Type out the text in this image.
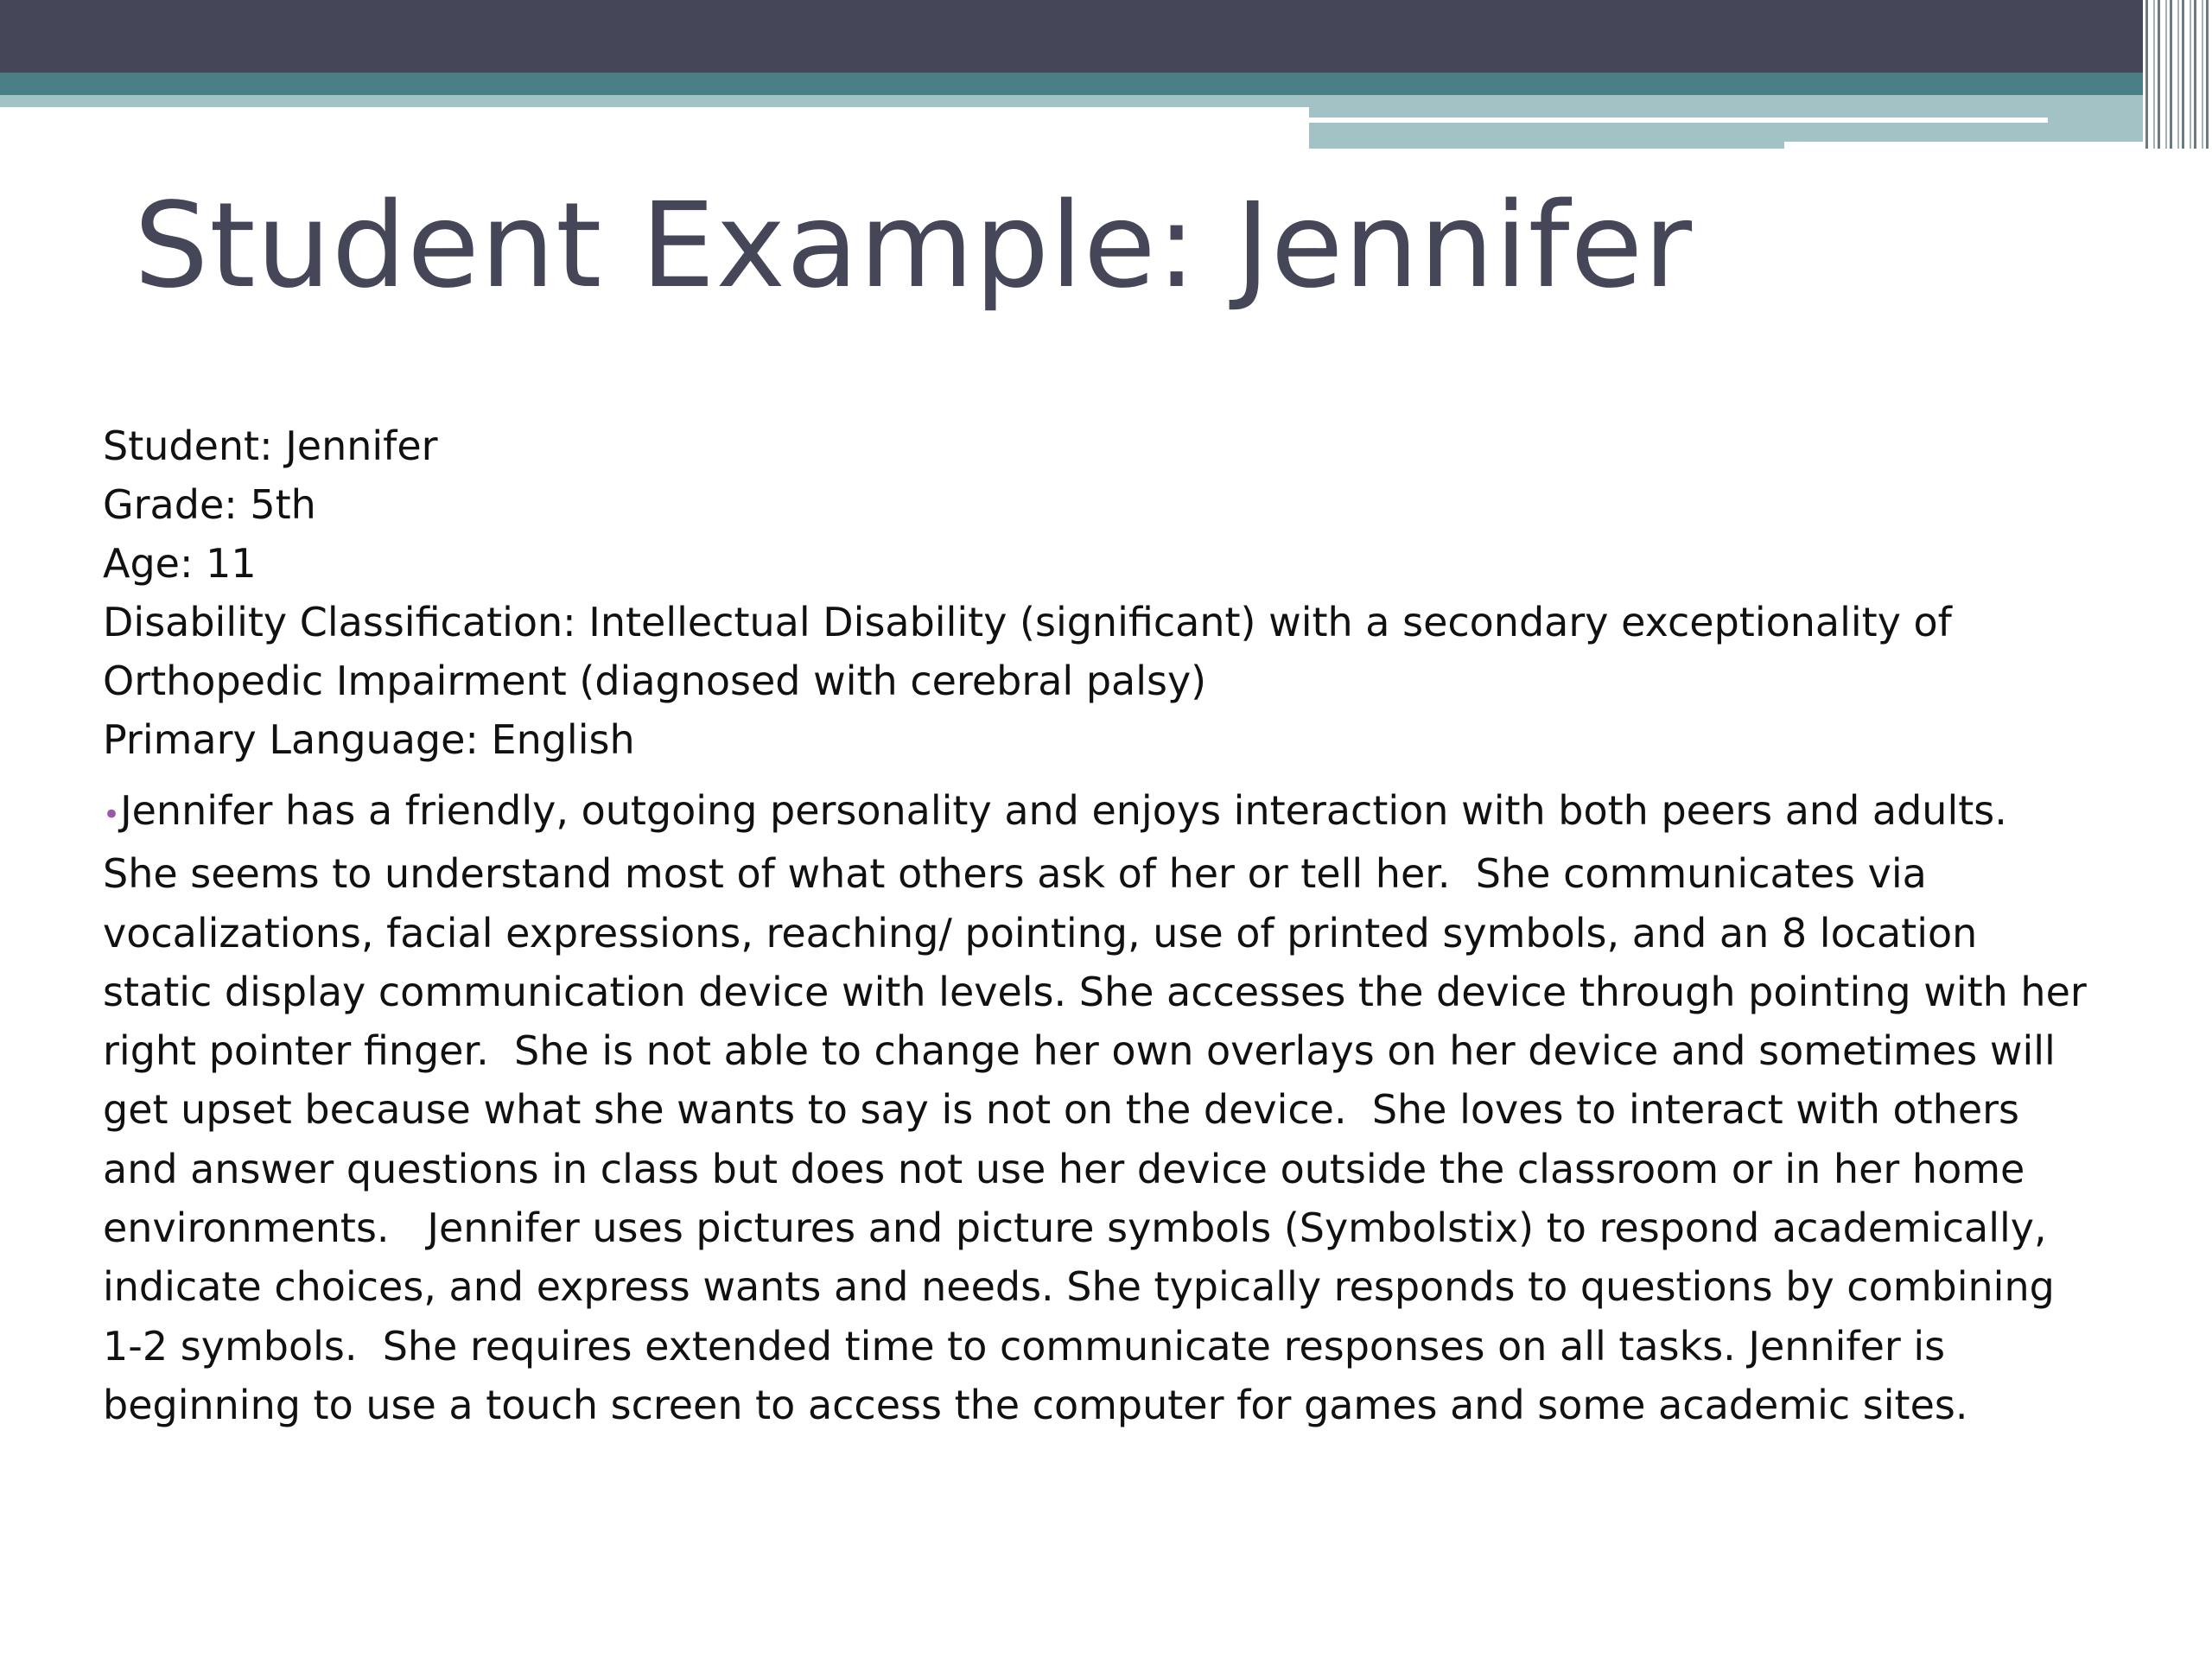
Student Example: Jennifer
Student: Jennifer
Grade: 5th
Age: 11
Disability Classification: Intellectual Disability (significant) with a secondary exceptionality of
Orthopedic Impairment (diagnosed with cerebral palsy)
Primary Language: English
•Jennifer has a friendly, outgoing personality and enjoys interaction with both peers and adults.
She seems to understand most of what others ask of her or tell her.  She communicates via
vocalizations, facial expressions, reaching/ pointing, use of printed symbols, and an 8 location
static display communication device with levels. She accesses the device through pointing with her
right pointer finger.  She is not able to change her own overlays on her device and sometimes will
get upset because what she wants to say is not on the device.  She loves to interact with others
and answer questions in class but does not use her device outside the classroom or in her home
environments.   Jennifer uses pictures and picture symbols (Symbolstix) to respond academically,
indicate choices, and express wants and needs. She typically responds to questions by combining
1-2 symbols.  She requires extended time to communicate responses on all tasks. Jennifer is
beginning to use a touch screen to access the computer for games and some academic sites.
